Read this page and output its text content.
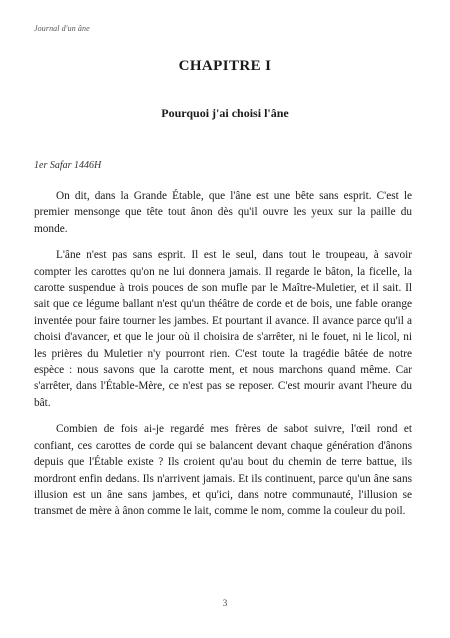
Journal d'un âne
CHAPITRE I
Pourquoi j'ai choisi l'âne
1er Safar 1446H

On dit, dans la Grande Étable, que l'âne est une bête sans esprit. C'est le premier mensonge que tête tout ânon dès qu'il ouvre les yeux sur la paille du monde.

L'âne n'est pas sans esprit. Il est le seul, dans tout le troupeau, à savoir compter les carottes qu'on ne lui donnera jamais. Il regarde le bâton, la ficelle, la carotte suspendue à trois pouces de son mufle par le Maître-Muletier, et il sait. Il sait que ce légume ballant n'est qu'un théâtre de corde et de bois, une fable orange inventée pour faire tourner les jambes. Et pourtant il avance. Il avance parce qu'il a choisi d'avancer, et que le jour où il choisira de s'arrêter, ni le fouet, ni le licol, ni les prières du Muletier n'y pourront rien. C'est toute la tragédie bâtée de notre espèce : nous savons que la carotte ment, et nous marchons quand même. Car s'arrêter, dans l'Étable-Mère, ce n'est pas se reposer. C'est mourir avant l'heure du bât.

Combien de fois ai-je regardé mes frères de sabot suivre, l'œil rond et confiant, ces carottes de corde qui se balancent devant chaque génération d'ânons depuis que l'Étable existe ? Ils croient qu'au bout du chemin de terre battue, ils mordront enfin dedans. Ils n'arrivent jamais. Et ils continuent, parce qu'un âne sans illusion est un âne sans jambes, et qu'ici, dans notre communauté, l'illusion se transmet de mère à ânon comme le lait, comme le nom, comme la couleur du poil.

3
